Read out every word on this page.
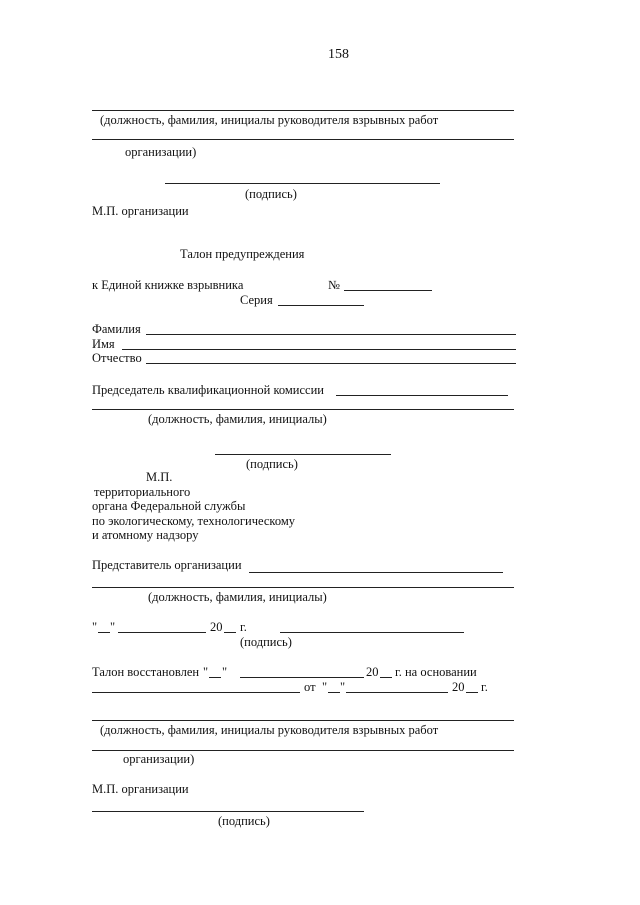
158
(должность, фамилия, инициалы руководителя взрывных работ
организации)
(подпись)
М.П. организации
Талон предупреждения
к Единой книжке взрывника	№
Серия
Фамилия
Имя
Отчество
Председатель квалификационной комиссии
(должность, фамилия, инициалы)
(подпись)
М.П.
территориального
органа Федеральной службы
по экологическому, технологическому
и атомному надзору
Представитель организации
(должность, фамилия, инициалы)
" "	20 г.
(подпись)
Талон восстановлен " "	20 г. на основании
от " "	20 г.
(должность, фамилия, инициалы руководителя взрывных работ
организации)
М.П. организации
(подпись)
